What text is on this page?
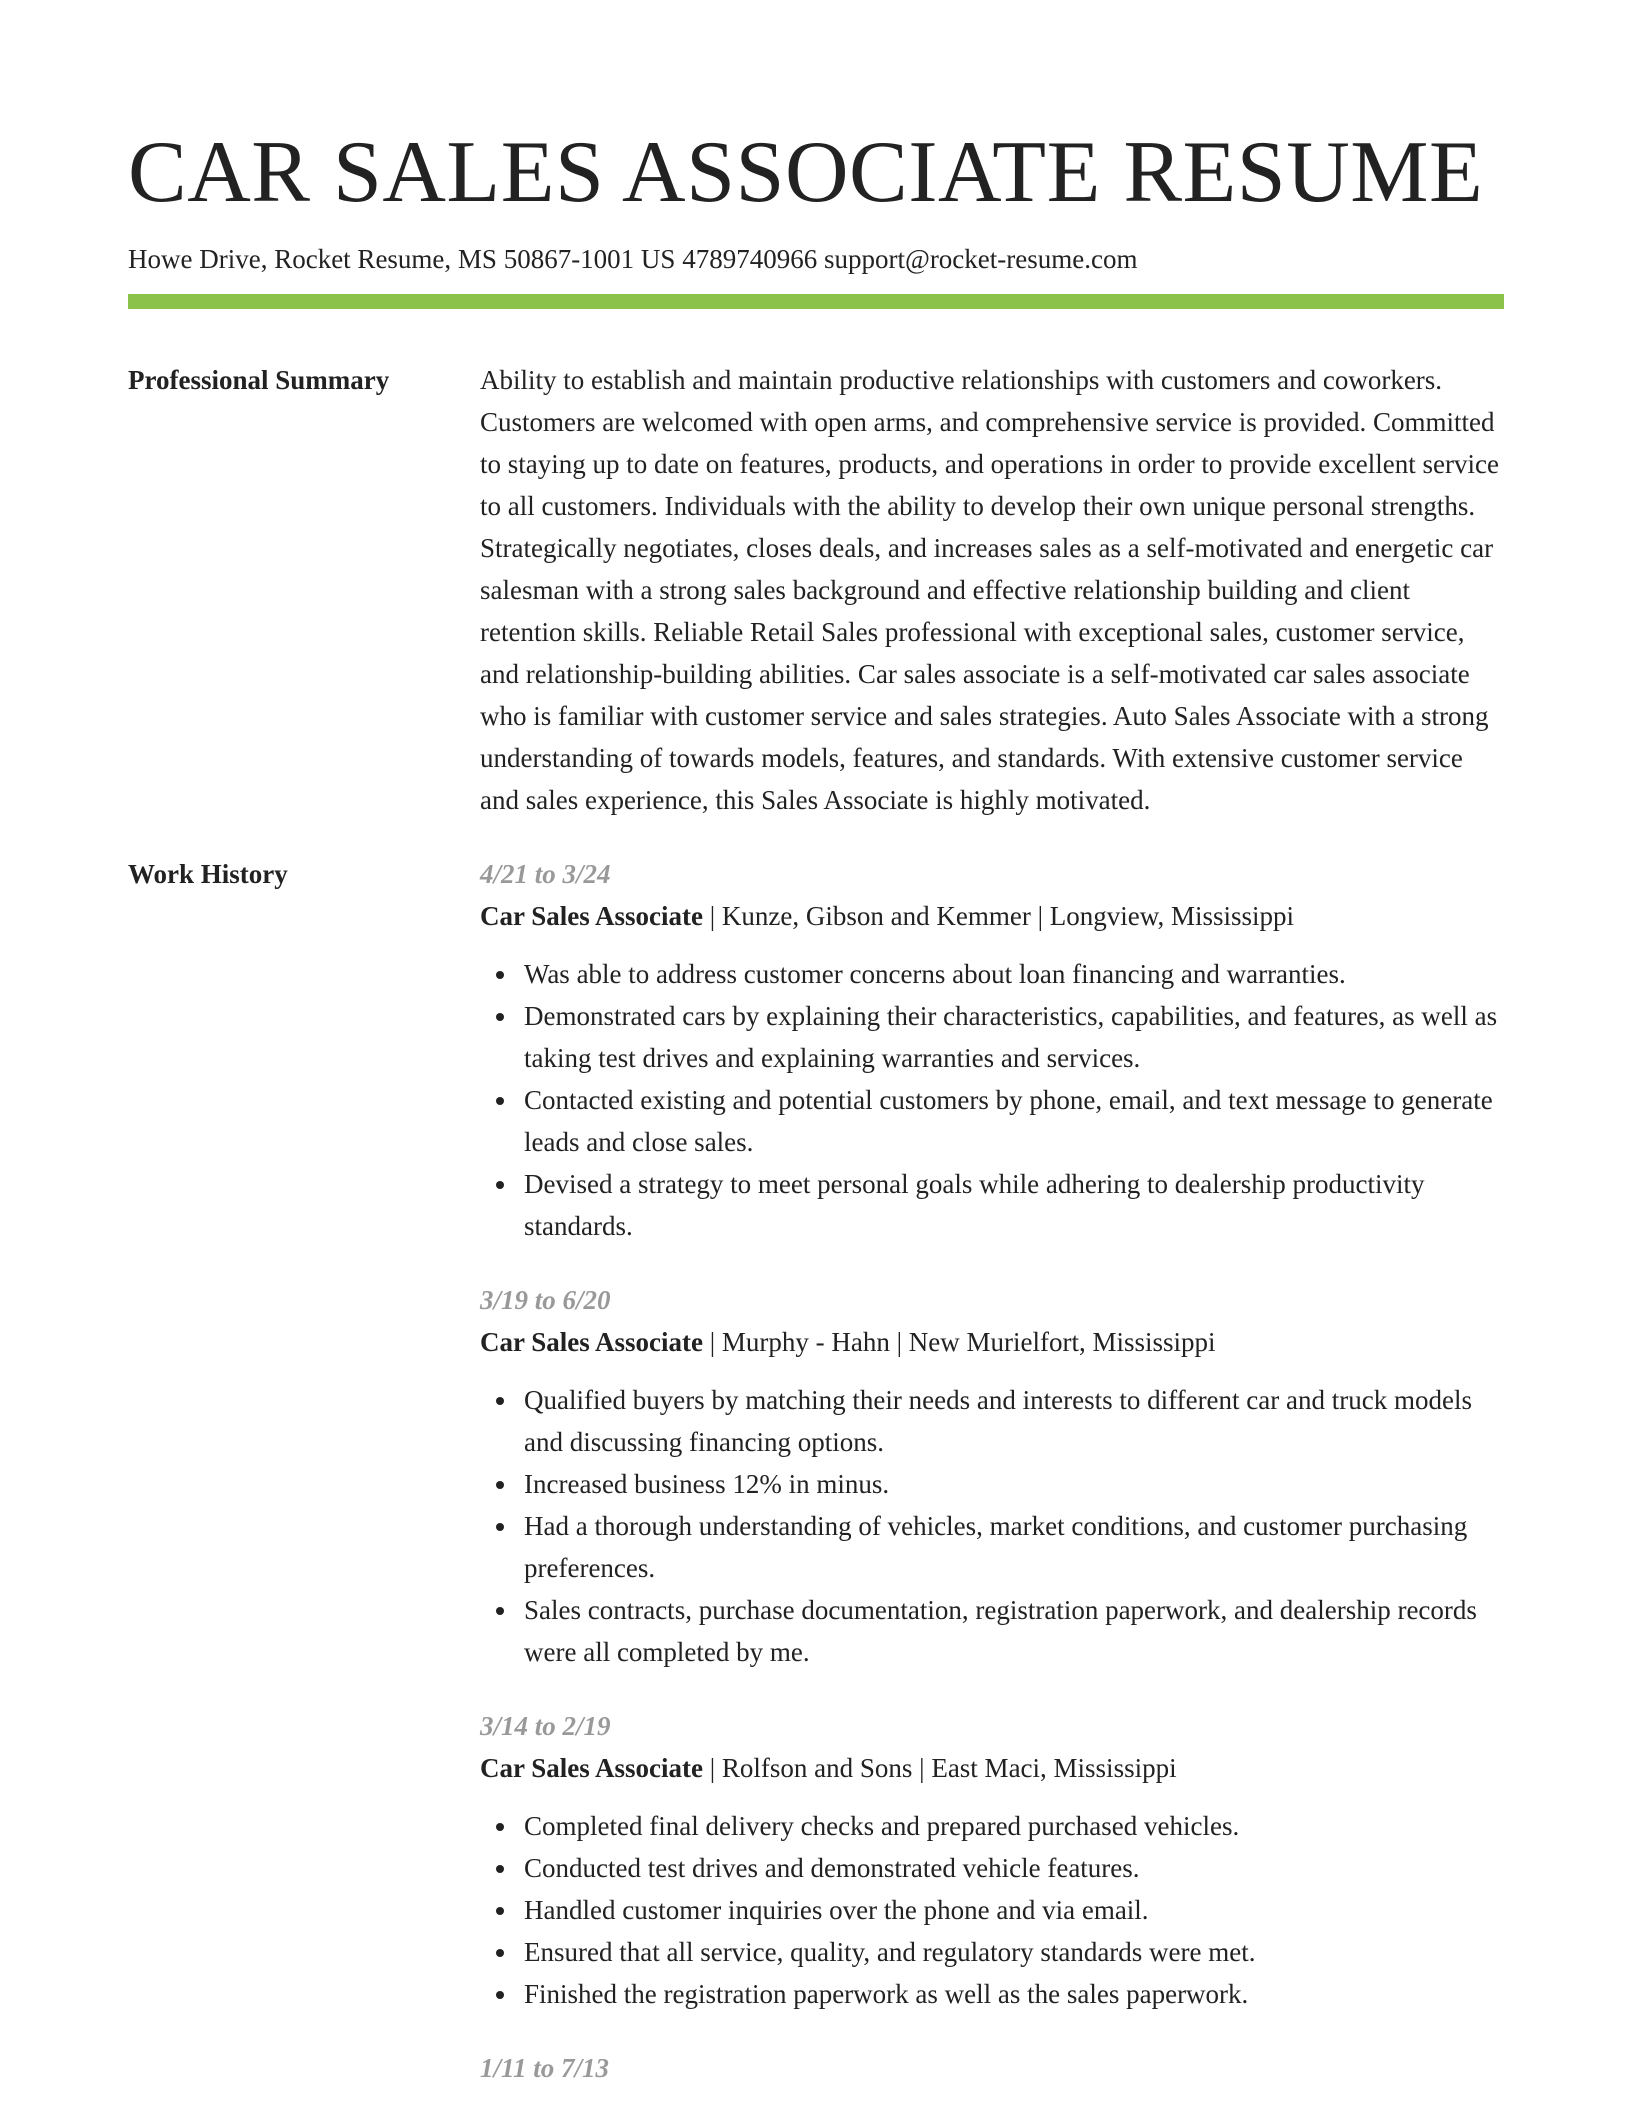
CAR SALES ASSOCIATE RESUME
Howe Drive, Rocket Resume, MS 50867-1001 US 4789740966 support@rocket-resume.com
Professional Summary	Ability to establish and maintain productive relationships with customers and coworkers. Customers are welcomed with open arms, and comprehensive service is provided. Committed to staying up to date on features, products, and operations in order to provide excellent service to all customers. Individuals with the ability to develop their own unique personal strengths. Strategically negotiates, closes deals, and increases sales as a self-motivated and energetic car salesman with a strong sales background and effective relationship building and client retention skills. Reliable Retail Sales professional with exceptional sales, customer service, and relationship-building abilities. Car sales associate is a self-motivated car sales associate who is familiar with customer service and sales strategies. Auto Sales Associate with a strong understanding of towards models, features, and standards. With extensive customer service and sales experience, this Sales Associate is highly motivated.

Work History	4/21 to 3/24
Car Sales Associate | Kunze, Gibson and Kemmer | Longview, Mississippi
Was able to address customer concerns about loan financing and warranties.
Demonstrated cars by explaining their characteristics, capabilities, and features, as well as taking test drives and explaining warranties and services.
Contacted existing and potential customers by phone, email, and text message to generate leads and close sales.
Devised a strategy to meet personal goals while adhering to dealership productivity standards.
3/19 to 6/20
Car Sales Associate | Murphy - Hahn | New Murielfort, Mississippi
Qualified buyers by matching their needs and interests to different car and truck models and discussing financing options.
Increased business 12% in minus.
Had a thorough understanding of vehicles, market conditions, and customer purchasing preferences.
Sales contracts, purchase documentation, registration paperwork, and dealership records were all completed by me.
3/14 to 2/19
Car Sales Associate | Rolfson and Sons | East Maci, Mississippi
Completed final delivery checks and prepared purchased vehicles.
Conducted test drives and demonstrated vehicle features.
Handled customer inquiries over the phone and via email.
Ensured that all service, quality, and regulatory standards were met.
Finished the registration paperwork as well as the sales paperwork.
1/11 to 7/13
